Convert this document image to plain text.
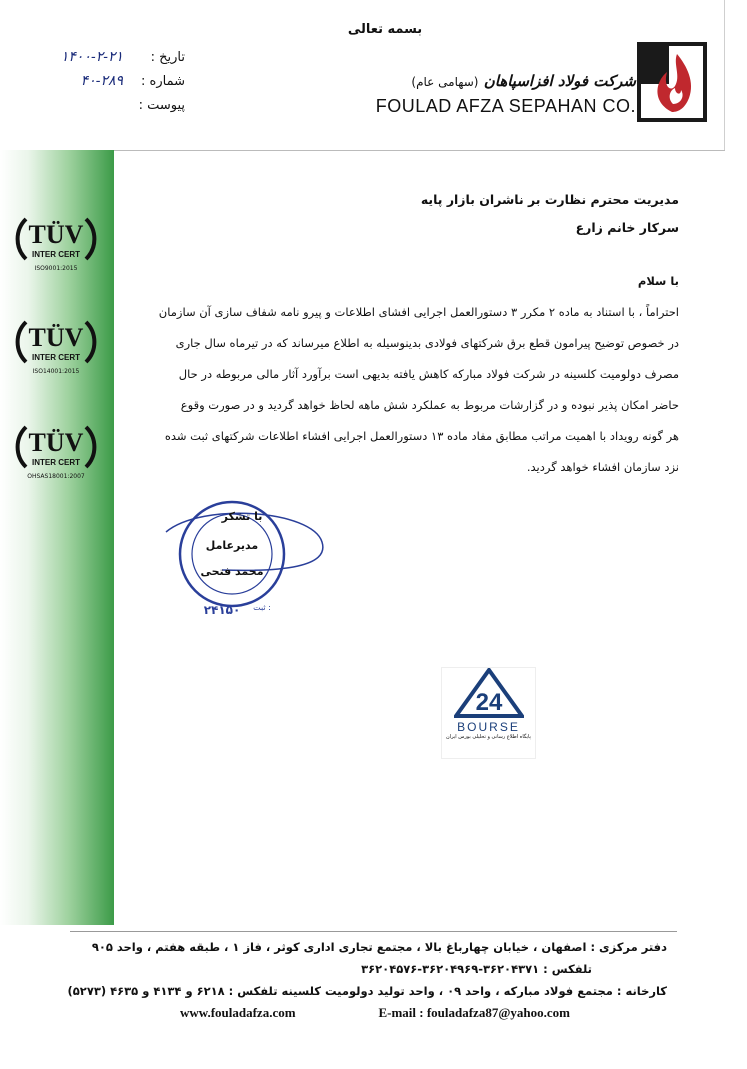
بسمه تعالی
تاریخ :
۱۴۰۰-۲-۲۱
شماره :
۴۰-۲۸۹
پیوست :
شرکت فولاد افزاسپاهان (سهامی عام)
FOULAD AFZA SEPAHAN CO.
TÜV
INTER CERT
ISO9001:2015
TÜV
INTER CERT
ISO14001:2015
TÜV
INTER CERT
OHSAS18001:2007
مدیریت محترم نظارت بر ناشران بازار پایه
سرکار خانم زارع
با سلام
احتراماً ، با استناد به ماده ۲ مکرر ۳ دستورالعمل اجرایی افشای اطلاعات و پیرو نامه شفاف سازی آن سازمان
در خصوص توضیح پیرامون قطع برق شرکتهای فولادی بدینوسیله به اطلاع میرساند که در تیرماه سال جاری
مصرف دولومیت کلسینه در شرکت فولاد مبارکه کاهش یافته بدیهی است برآورد آثار مالی مربوطه در حال
حاضر امکان پذیر نبوده و در گزارشات مربوط به عملکرد شش ماهه لحاظ خواهد گردید و در صورت وقوع
هر گونه رویداد با اهمیت مراتب مطابق مفاد ماده ۱۳ دستورالعمل اجرایی افشاء اطلاعات شرکتهای ثبت شده
نزد سازمان افشاء خواهد گردید.
۲۴۱۵۰ ثبت :
با تشکر
مدیرعامل
محمد فتحی
24
BOURSE
پایگاه اطلاع رسانی و تحلیلی بورس ایران
دفتر مرکزی : اصفهان ، خیابان چهارباغ بالا ، مجتمع تجاری اداری کوثر ، فاز ۱ ، طبقه هفتم ، واحد ۹۰۵
تلفکس : ۳۶۲۰۴۳۷۱-۳۶۲۰۴۹۶۹-۳۶۲۰۴۵۷۶
کارخانه : مجتمع فولاد مبارکه ، واحد ۰۹ ، واحد تولید دولومیت کلسینه تلفکس : ۶۲۱۸ و ۴۱۳۴ و ۴۶۳۵ (۵۲۷۳)
www.fouladafza.com	E-mail : fouladafza87@yahoo.com
